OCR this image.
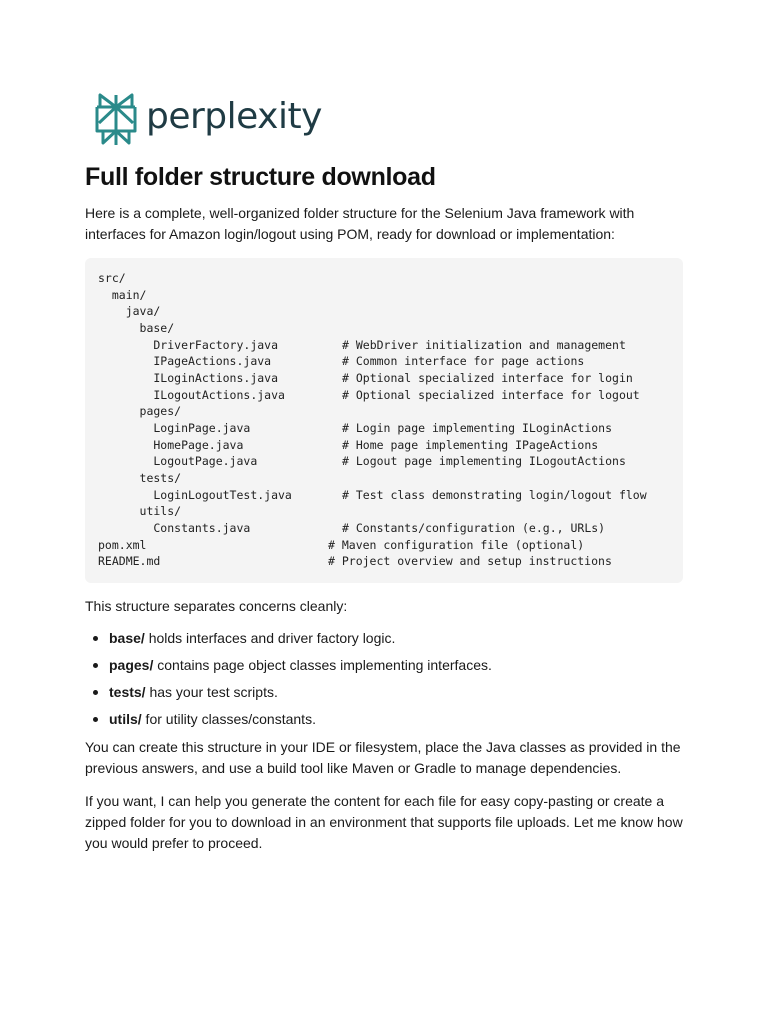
perplexity
Full folder structure download

Here is a complete, well-organized folder structure for the Selenium Java framework with interfaces for Amazon login/logout using POM, ready for download or implementation:

src/
main/
java/
base/
DriverFactory.java	# WebDriver initialization and management
IPageActions.java	# Common interface for page actions
ILoginActions.java	# Optional specialized interface for login
ILogoutActions.java	# Optional specialized interface for logout
pages/
LoginPage.java	# Login page implementing ILoginActions
HomePage.java	# Home page implementing IPageActions
LogoutPage.java	# Logout page implementing ILogoutActions
tests/
LoginLogoutTest.java	# Test class demonstrating login/logout flow
utils/
Constants.java	# Constants/configuration (e.g., URLs)
pom.xml	# Maven configuration file (optional)
README.md	# Project overview and setup instructions

This structure separates concerns cleanly:

base/ holds interfaces and driver factory logic.
pages/ contains page object classes implementing interfaces.
tests/ has your test scripts.
utils/ for utility classes/constants.

You can create this structure in your IDE or filesystem, place the Java classes as provided in the previous answers, and use a build tool like Maven or Gradle to manage dependencies.

If you want, I can help you generate the content for each file for easy copy-pasting or create a zipped folder for you to download in an environment that supports file uploads. Let me know how you would prefer to proceed.
